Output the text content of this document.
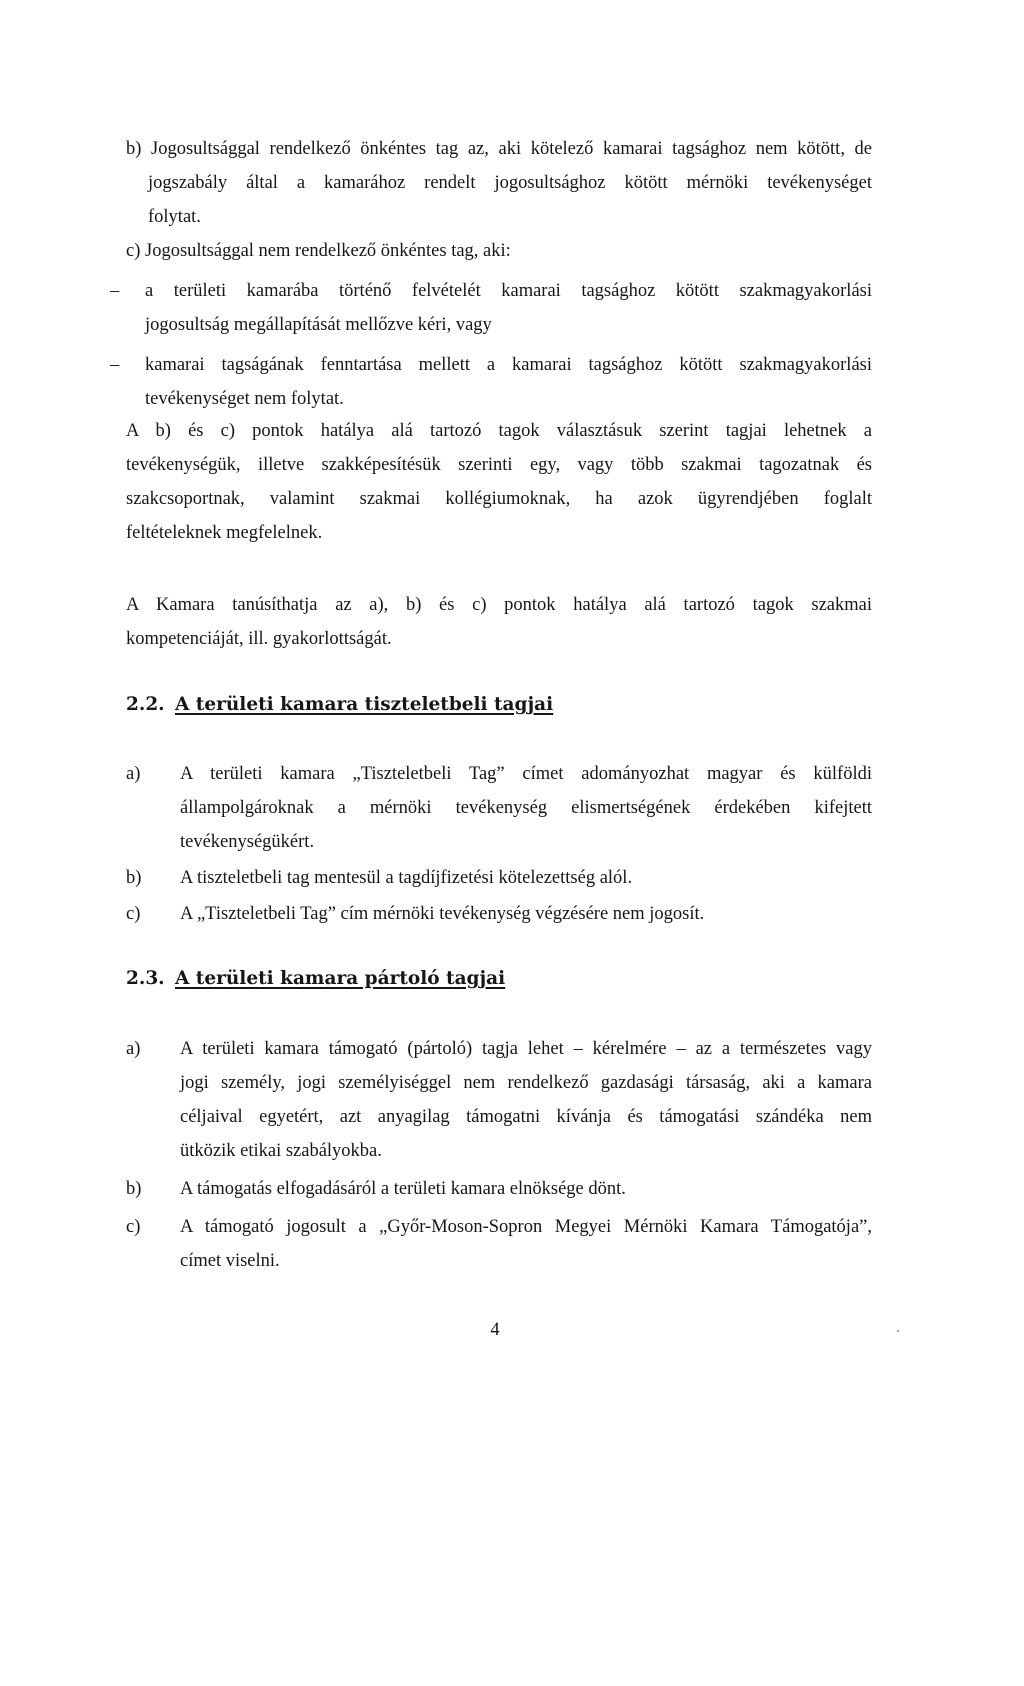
b) Jogosultsággal rendelkező önkéntes tag az, aki kötelező kamarai tagsághoz nem kötött, de
jogszabály által a kamarához rendelt jogosultsághoz kötött mérnöki tevékenységet
folytat.
c) Jogosultsággal nem rendelkező önkéntes tag, aki:
–	a területi kamarába történő felvételét kamarai tagsághoz kötött szakmagyakorlási
jogosultság megállapítását mellőzve kéri, vagy
–	kamarai tagságának fenntartása mellett a kamarai tagsághoz kötött szakmagyakorlási
tevékenységet nem folytat.
A b) és c) pontok hatálya alá tartozó tagok választásuk szerint tagjai lehetnek a
tevékenységük, illetve szakképesítésük szerinti egy, vagy több szakmai tagozatnak és
szakcsoportnak, valamint szakmai kollégiumoknak, ha azok ügyrendjében foglalt
feltételeknek megfelelnek.
A Kamara tanúsíthatja az a), b) és c) pontok hatálya alá tartozó tagok szakmai
kompetenciáját, ill. gyakorlottságát.
2.2. A területi kamara tiszteletbeli tagjai
a) A területi kamara „Tiszteletbeli Tag” címet adományozhat magyar és külföldi
állampolgároknak a mérnöki tevékenység elismertségének érdekében kifejtett
tevékenységükért.
b) A tiszteletbeli tag mentesül a tagdíjfizetési kötelezettség alól.
c) A „Tiszteletbeli Tag” cím mérnöki tevékenység végzésére nem jogosít.
2.3. A területi kamara pártoló tagjai
a) A területi kamara támogató (pártoló) tagja lehet – kérelmére – az a természetes vagy
jogi személy, jogi személyiséggel nem rendelkező gazdasági társaság, aki a kamara
céljaival egyetért, azt anyagilag támogatni kívánja és támogatási szándéka nem
ütközik etikai szabályokba.
b) A támogatás elfogadásáról a területi kamara elnöksége dönt.
c) A támogató jogosult a „Győr-Moson-Sopron Megyei Mérnöki Kamara Támogatója”,
címet viselni.
4
